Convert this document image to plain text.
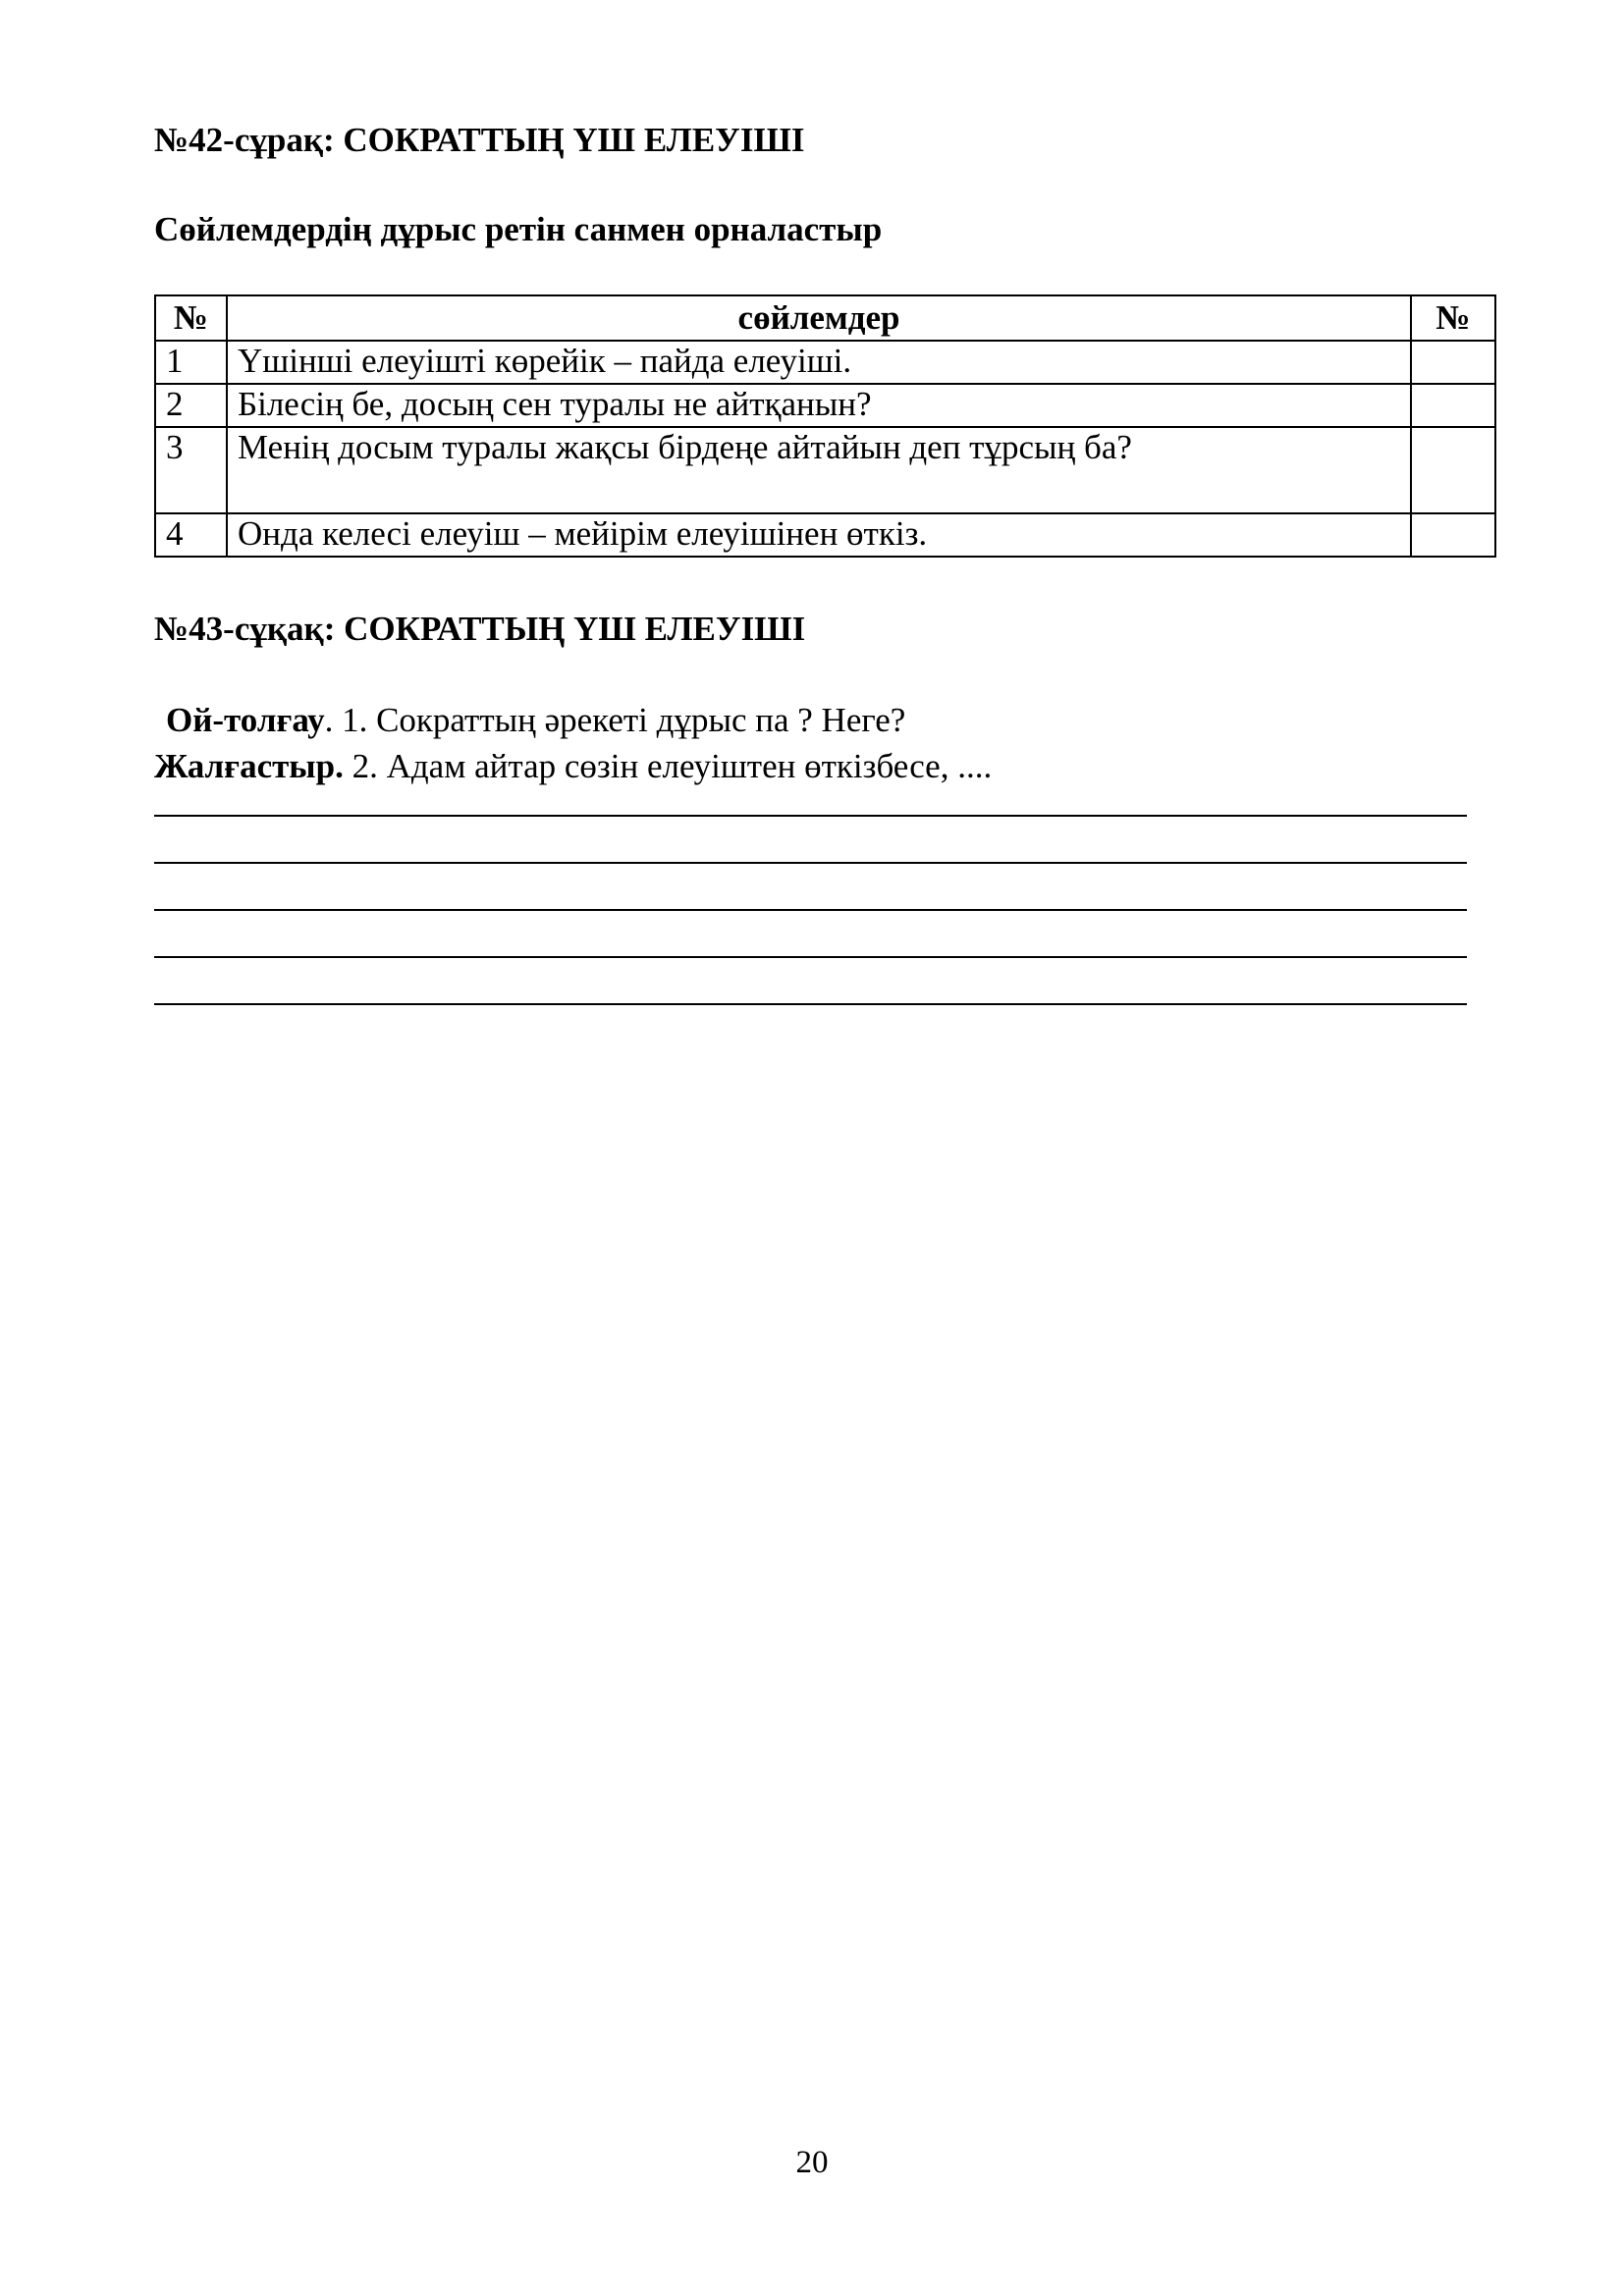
№42-сұрақ: СОКРАТТЫҢ ҮШ ЕЛЕУІШІ
Сөйлемдердің дұрыс ретін санмен орналастыр
№	сөйлемдер	№
1	Үшінші елеуішті көрейік – пайда елеуіші.	
2	Білесің бе, досың сен туралы не айтқанын?	
3	Менің досым туралы жақсы бірдеңе айтайын деп тұрсың ба?	
4	Онда келесі елеуіш – мейірім елеуішінен өткіз.	
№43-сұқақ: СОКРАТТЫҢ ҮШ ЕЛЕУІШІ
Ой-толғау. 1. Сократтың әрекеті дұрыс па ? Неге?
Жалғастыр. 2. Адам айтар сөзін елеуіштен өткізбесе, ....
20
